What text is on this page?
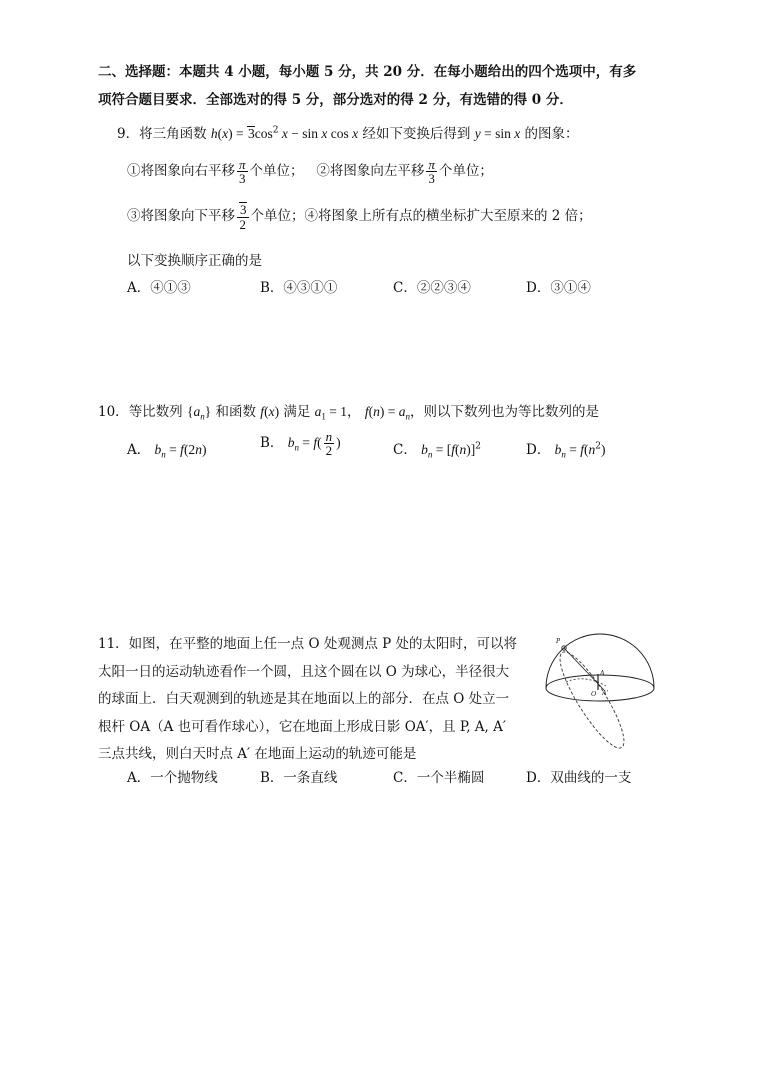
二、选择题：本题共 4 小题，每小题 5 分，共 20 分．在每小题给出的四个选项中，有多
项符合题目要求．全部选对的得 5 分，部分选对的得 2 分，有选错的得 0 分．
9．将三角函数 $h(x) = 3\cos^2$ x − sin x cos x 经如下变换后得到 y = sin x 的图象：
①将图象向右平移 $\frac{\pi}{3}$ 个单位； ②将图象向左平移 $\frac{\pi}{3}$ 个单位；
③将图象向下平移 $\frac{3}{2}$ 个单位；④将图象上所有点的横坐标扩大至原来的 2 倍；
以下变换顺序正确的是
A．④①③	B．④③①①	C．②②③④	D．③①④
10．等比数列 $\{a_n\}$ 和函数 f(x) 满足 $a_1 = 1$， $f(n) = a_n$，则以下数列也为等比数列的是
A． $b_n = f(2n)$	B． $b_n = f( \frac{n}{2}$ )	C． $b_n = [f(n)]^2$	D． $b_n = f(n^2)$
11．如图，在平整的地面上任一点 O 处观测点 P 处的太阳时，可以将
太阳一日的运动轨迹看作一个圆，且这个圆在以 O 为球心，半径很大
的球面上．白天观测到的轨迹是其在地面以上的部分．在点 O 处立一
根杆 OA（A 也可看作球心），它在地面上形成日影 OA′，且 P, A, A′
三点共线，则白天时点 A′ 在地面上运动的轨迹可能是
A．一个抛物线	B．一条直线	C．一个半椭圆	D．双曲线的一支
P
A
O A′
